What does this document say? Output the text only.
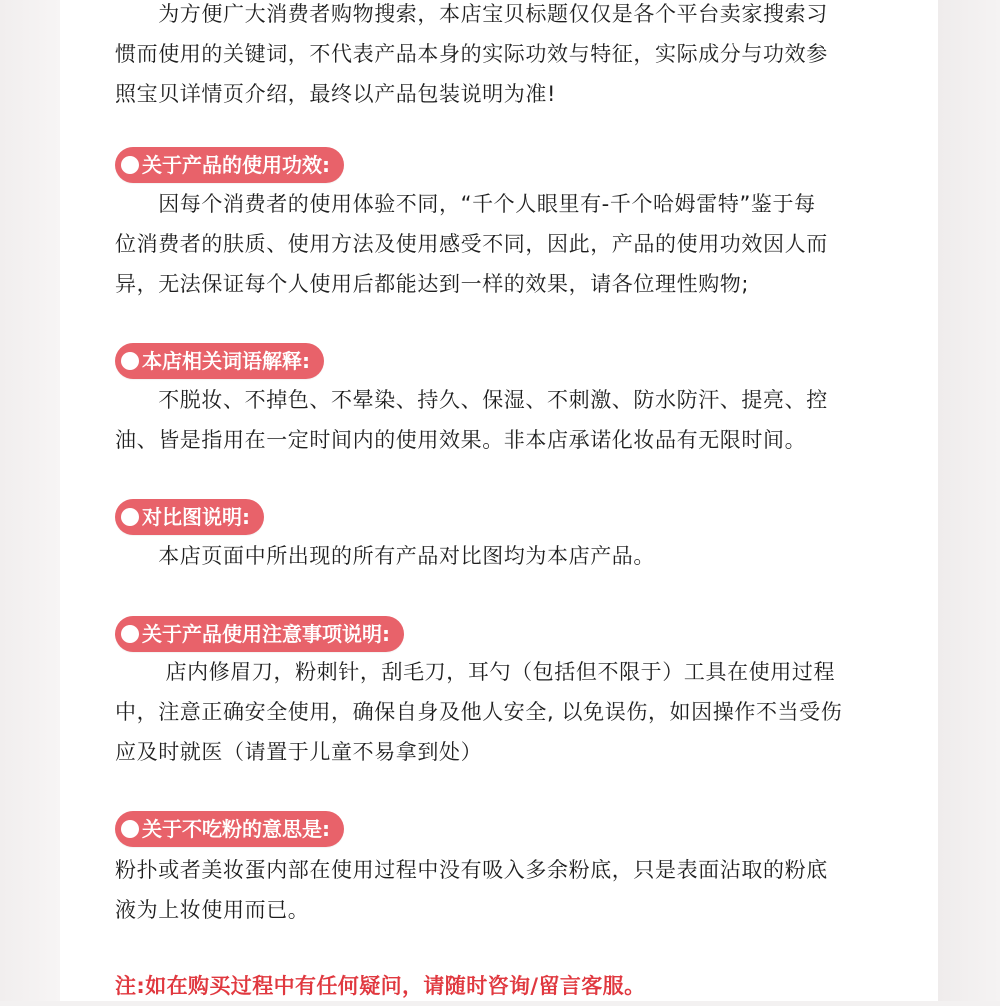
　　为方便广大消费者购物搜索，本店宝贝标题仅仅是各个平台卖家搜索习
惯而使用的关键词，不代表产品本身的实际功效与特征，实际成分与功效参
照宝贝详情页介绍，最终以产品包装说明为准!

关于产品的使用功效:

　　因每个消费者的使用体验不同，“千个人眼里有-千个哈姆雷特”鉴于每
位消费者的肤质、使用方法及使用感受不同，因此，产品的使用功效因人而
异，无法保证每个人使用后都能达到一样的效果，请各位理性购物;

本店相关词语解释:

　　不脱妆、不掉色、不晕染、持久、保湿、不刺激、防水防汗、提亮、控
油、皆是指用在一定时间内的使用效果。非本店承诺化妆品有无限时间。

对比图说明:

　　本店页面中所出现的所有产品对比图均为本店产品。

关于产品使用注意事项说明:

　　 店内修眉刀，粉刺针，刮毛刀，耳勺（包括但不限于）工具在使用过程
中，注意正确安全使用，确保自身及他人安全, 以免误伤，如因操作不当受伤
应及时就医（请置于儿童不易拿到处）

关于不吃粉的意思是:

粉扑或者美妆蛋内部在使用过程中没有吸入多余粉底，只是表面沾取的粉底
液为上妆使用而已。

注:如在购买过程中有任何疑问，请随时咨询/留言客服。
